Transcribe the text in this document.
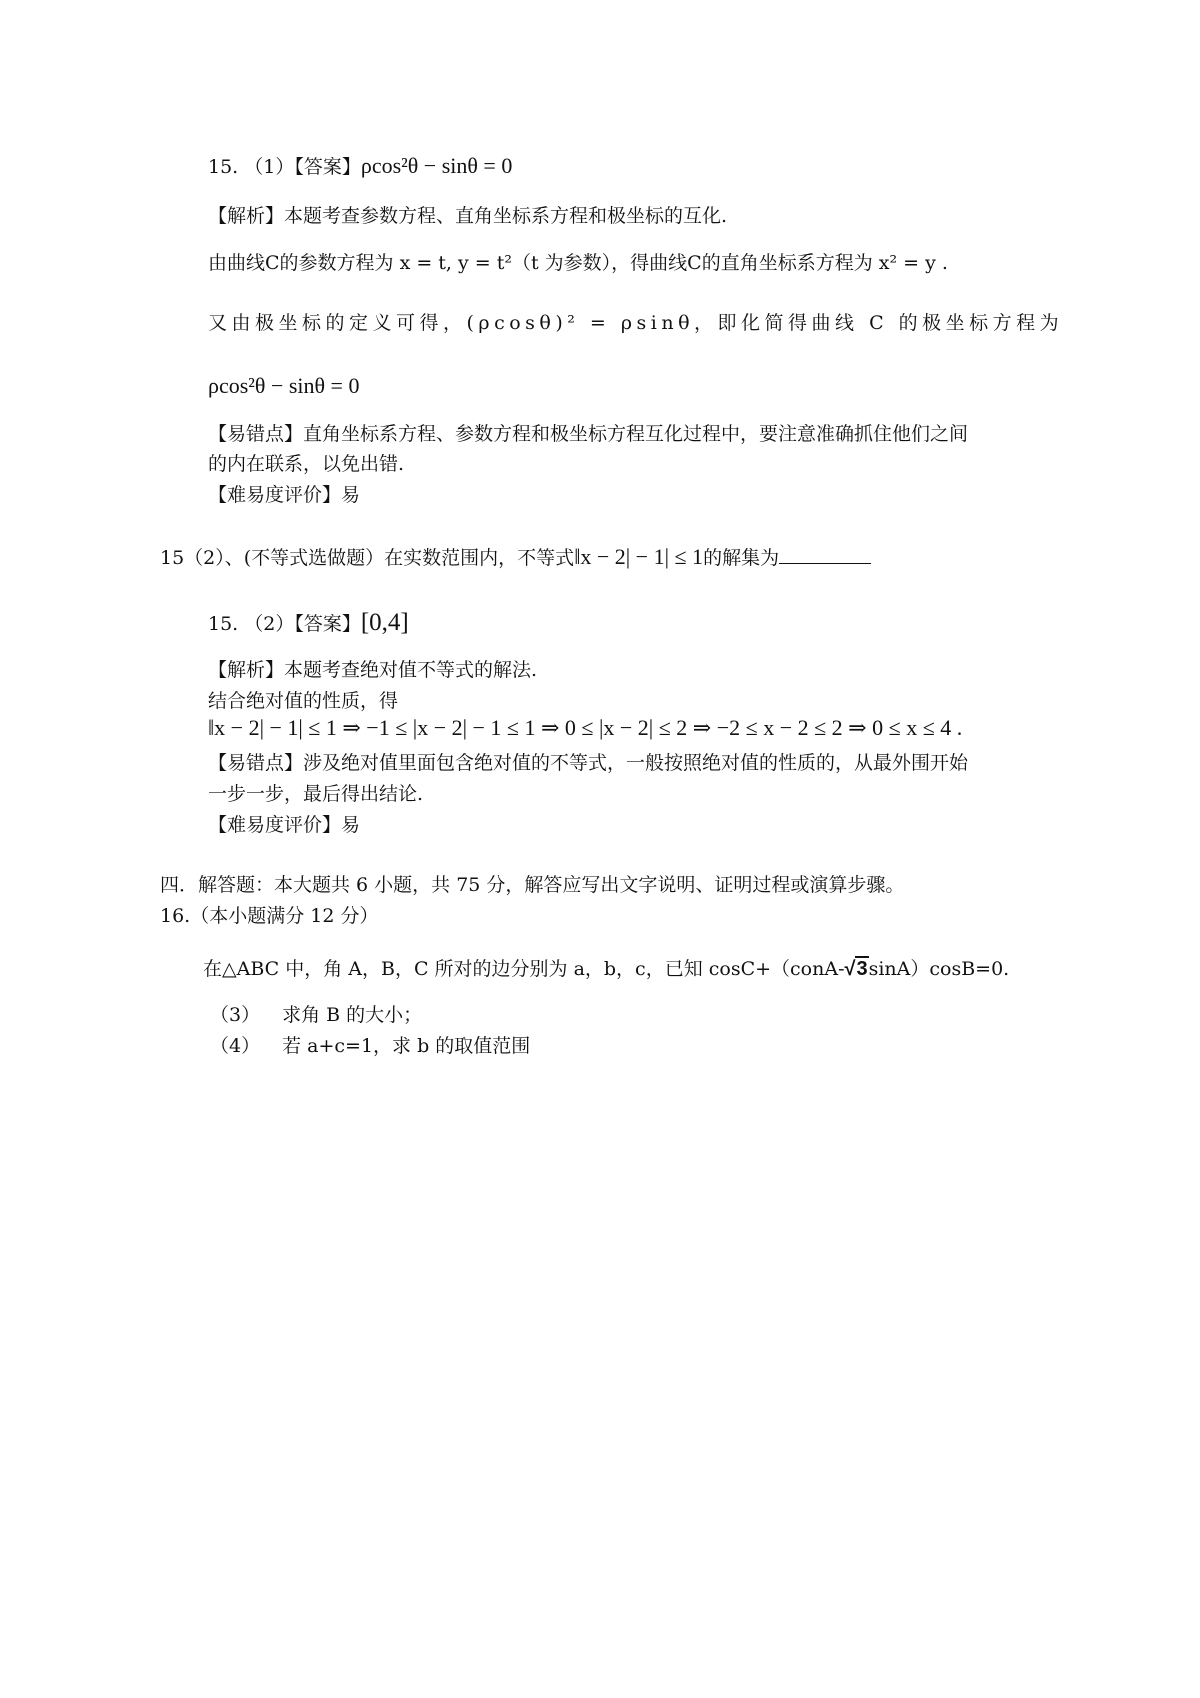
15. （1）【答案】ρcos²θ − sinθ = 0
【解析】本题考查参数方程、直角坐标系方程和极坐标的互化.
由曲线C的参数方程为 x = t, y = t²（t 为参数），得曲线C的直角坐标系方程为 x² = y .
又由极坐标的定义可得，(ρcosθ)² = ρsinθ，即化简得曲线 C 的极坐标方程为
ρcos²θ − sinθ = 0
【易错点】直角坐标系方程、参数方程和极坐标方程互化过程中，要注意准确抓住他们之间
的内在联系，以免出错.
【难易度评价】易
15（2）、(不等式选做题）在实数范围内，不等式‖x − 2| − 1| ≤ 1的解集为
15. （2）【答案】[0,4]
【解析】本题考查绝对值不等式的解法.
结合绝对值的性质，得
‖x − 2| − 1| ≤ 1 ⇒ −1 ≤ |x − 2| − 1 ≤ 1 ⇒ 0 ≤ |x − 2| ≤ 2 ⇒ −2 ≤ x − 2 ≤ 2 ⇒ 0 ≤ x ≤ 4 .
【易错点】涉及绝对值里面包含绝对值的不等式，一般按照绝对值的性质的，从最外围开始
一步一步，最后得出结论.
【难易度评价】易
四．解答题：本大题共 6 小题，共 75 分，解答应写出文字说明、证明过程或演算步骤。
16.（本小题满分 12 分）
在△ABC 中，角 A，B，C 所对的边分别为 a，b，c，已知 cosC+（conA-√3sinA）cosB=0.
（3） 求角 B 的大小；
（4） 若 a+c=1，求 b 的取值范围
